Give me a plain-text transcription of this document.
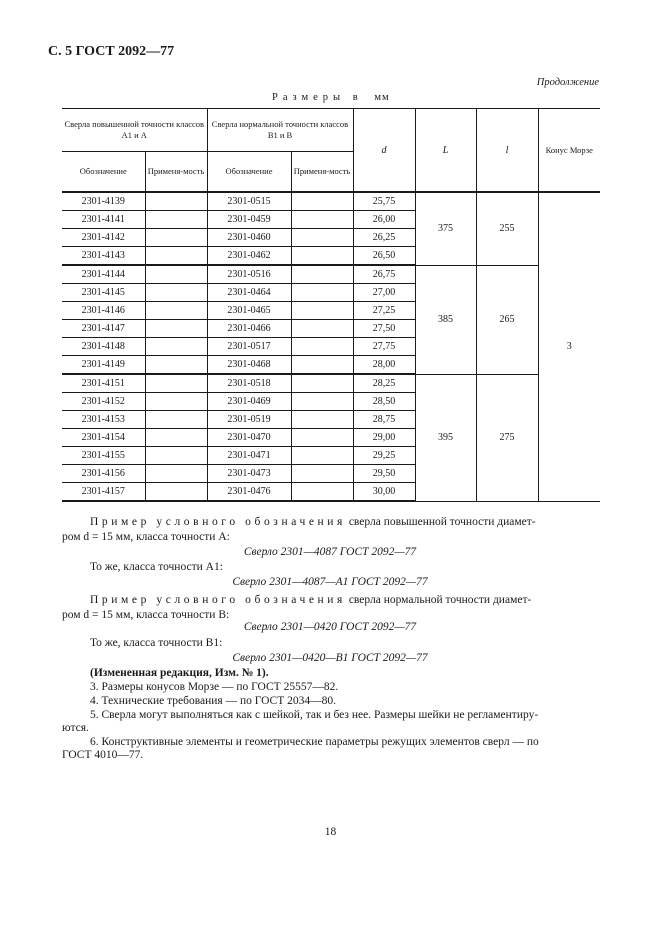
С. 5 ГОСТ 2092—77
Продолжение
Размеры в мм
Сверла повышенной точности классов А1 и А		Сверла нормальной точности классов В1 и В		d	L	l	Конус Морзе
Обозначение	Применя-мость	Обозначение	Применя-мость				
2301-4139		2301-0515		25,75	375	255	3
2301-4141		2301-0459		26,00			
2301-4142		2301-0460		26,25			
2301-4143		2301-0462		26,50			
2301-4144		2301-0516		26,75	385	265	
2301-4145		2301-0464		27,00			
2301-4146		2301-0465		27,25			
2301-4147		2301-0466		27,50			
2301-4148		2301-0517		27,75			
2301-4149		2301-0468		28,00			
2301-4151		2301-0518		28,25	395	275	
2301-4152		2301-0469		28,50			
2301-4153		2301-0519		28,75			
2301-4154		2301-0470		29,00			
2301-4155		2301-0471		29,25			
2301-4156		2301-0473		29,50			
2301-4157		2301-0476		30,00			
Пример условного обозначения сверла повышенной точности диамет-
ром d = 15 мм, класса точности А:
Сверло 2301—4087 ГОСТ 2092—77
То же, класса точности А1:
Сверло 2301—4087—А1 ГОСТ 2092—77
Пример условного обозначения сверла нормальной точности диамет-
ром d = 15 мм, класса точности В:
Сверло 2301—0420 ГОСТ 2092—77
То же, класса точности В1:
Сверло 2301—0420—В1 ГОСТ 2092—77
(Измененная редакция, Изм. № 1).
3. Размеры конусов Морзе — по ГОСТ 25557—82.
4. Технические требования — по ГОСТ 2034—80.
5. Сверла могут выполняться как с шейкой, так и без нее. Размеры шейки не регламентиру-
ются.
6. Конструктивные элементы и геометрические параметры режущих элементов сверл — по
ГОСТ 4010—77.
18
